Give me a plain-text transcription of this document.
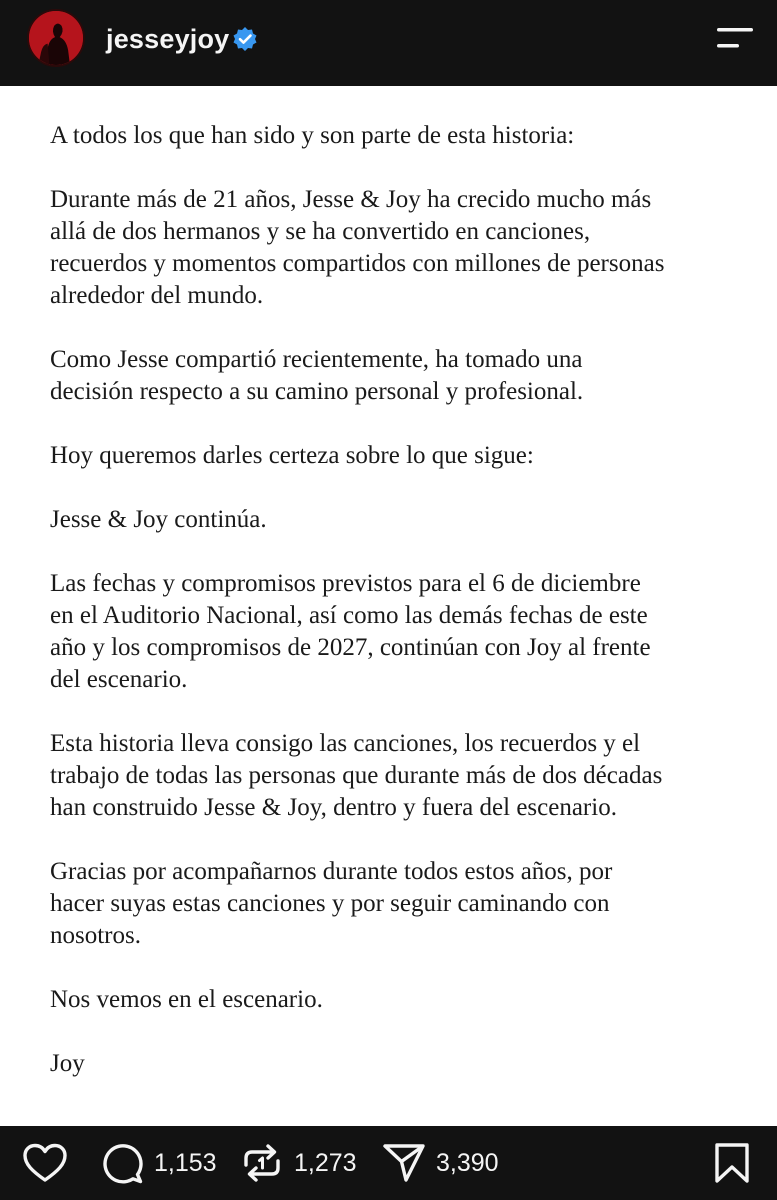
jesseyjoy

A todos los que han sido y son parte de esta historia:

Durante más de 21 años, Jesse & Joy ha crecido mucho más
allá de dos hermanos y se ha convertido en canciones,
recuerdos y momentos compartidos con millones de personas
alrededor del mundo.

Como Jesse compartió recientemente, ha tomado una
decisión respecto a su camino personal y profesional.

Hoy queremos darles certeza sobre lo que sigue:

Jesse & Joy continúa.

Las fechas y compromisos previstos para el 6 de diciembre
en el Auditorio Nacional, así como las demás fechas de este
año y los compromisos de 2027, continúan con Joy al frente
del escenario.

Esta historia lleva consigo las canciones, los recuerdos y el
trabajo de todas las personas que durante más de dos décadas
han construido Jesse & Joy, dentro y fuera del escenario.

Gracias por acompañarnos durante todos estos años, por
hacer suyas estas canciones y por seguir caminando con
nosotros.

Nos vemos en el escenario.

Joy

1,153	1,273	3,390
